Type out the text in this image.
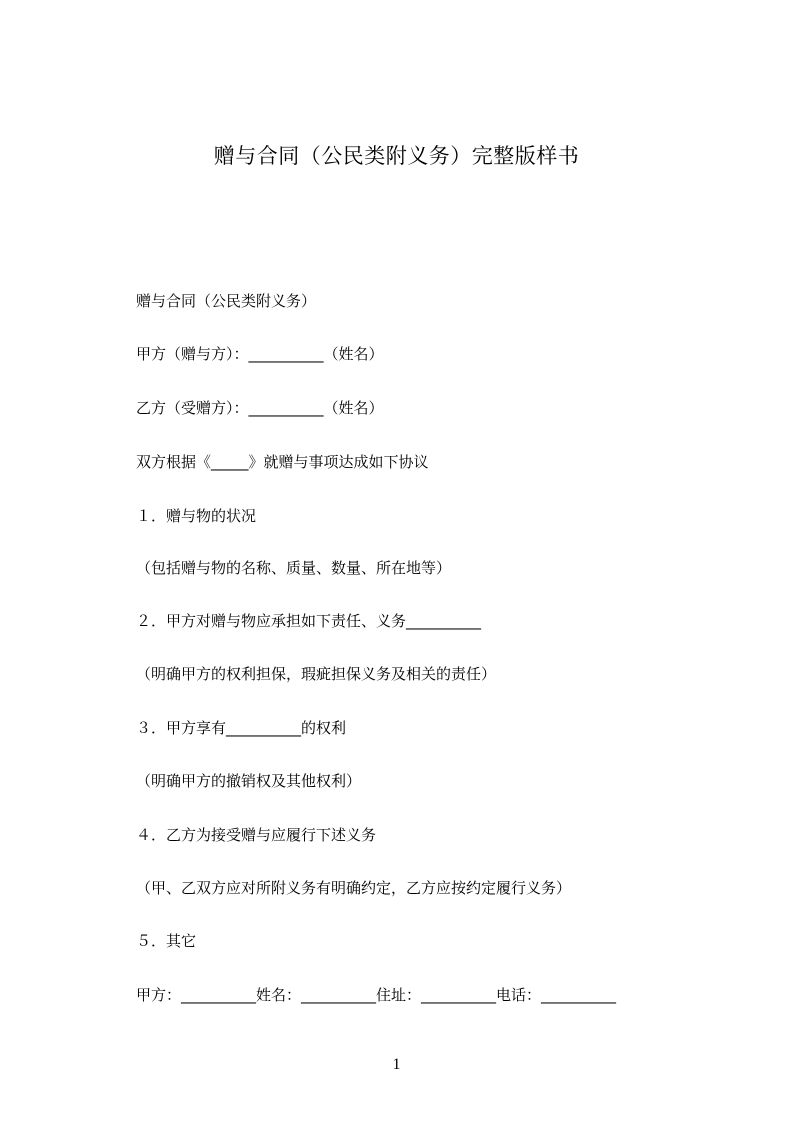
赠与合同（公民类附义务）完整版样书
赠与合同（公民类附义务）
甲方（赠与方）：__________（姓名）
乙方（受赠方）：__________（姓名）
双方根据《_____》就赠与事项达成如下协议
１．赠与物的状况
（包括赠与物的名称、质量、数量、所在地等）
２．甲方对赠与物应承担如下责任、义务__________
（明确甲方的权利担保，瑕疵担保义务及相关的责任）
３．甲方享有__________的权利
（明确甲方的撤销权及其他权利）
４．乙方为接受赠与应履行下述义务
（甲、乙双方应对所附义务有明确约定，乙方应按约定履行义务）
５．其它
甲方：__________姓名：__________住址：__________电话：__________
1
